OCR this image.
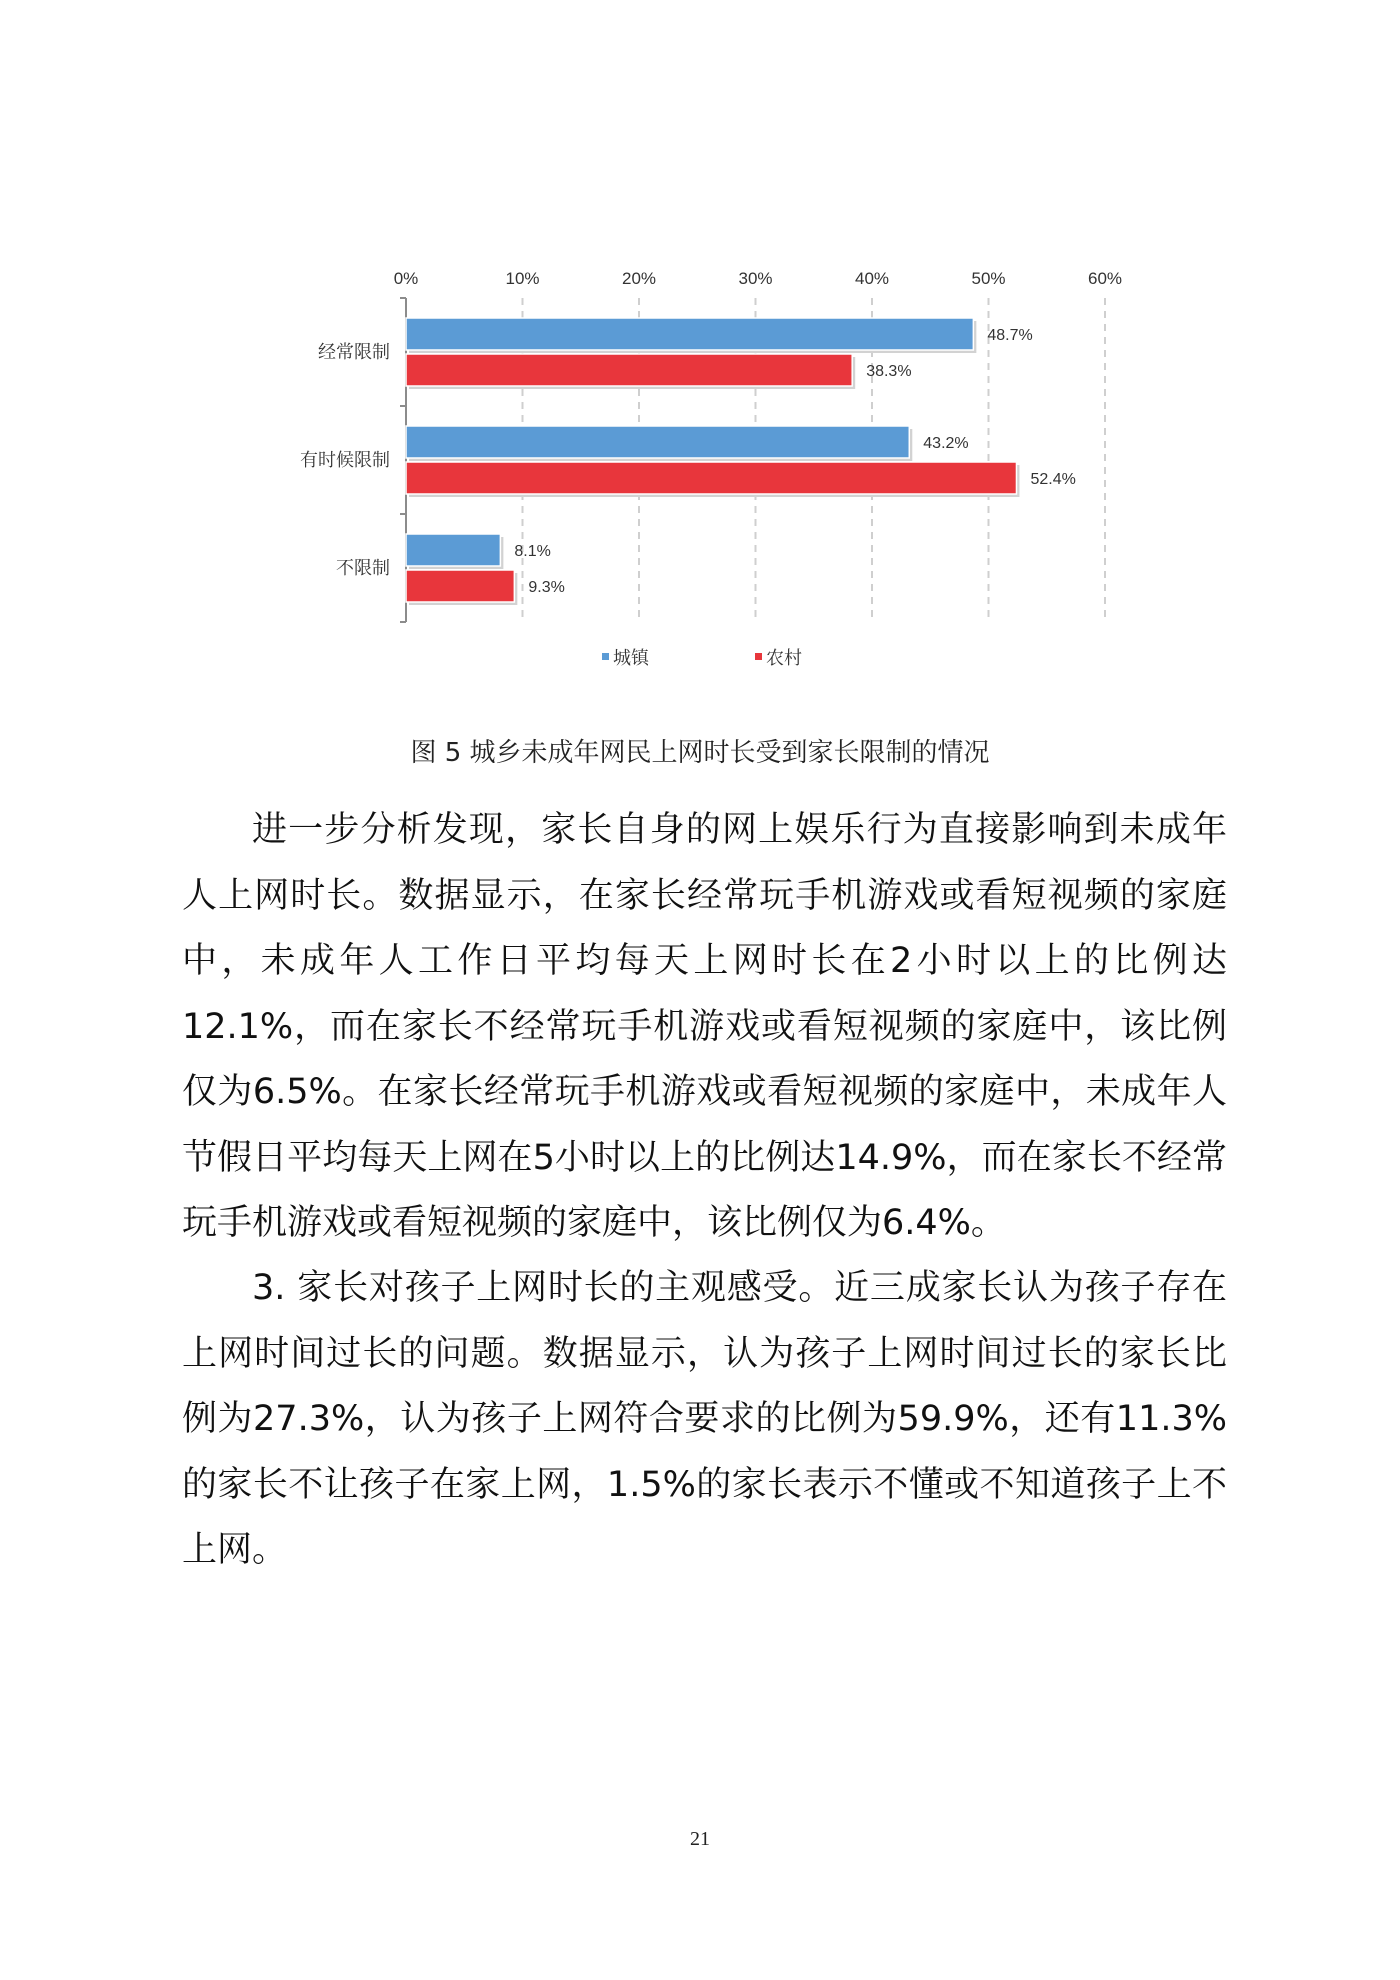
0%	10%	20%	30%	40%	50%	60%
经常限制
48.7%
38.3%
有时候限制
43.2%
52.4%
不限制
8.1%
9.3%
城镇	农村
图 5 城乡未成年网民上网时长受到家长限制的情况

进一步分析发现，家长自身的网上娱乐行为直接影响到未成年人上网时长。数据显示，在家长经常玩手机游戏或看短视频的家庭中，未成年人工作日平均每天上网时长在2小时以上的比例达12.1%，而在家长不经常玩手机游戏或看短视频的家庭中，该比例仅为6.5%。在家长经常玩手机游戏或看短视频的家庭中，未成年人节假日平均每天上网在5小时以上的比例达14.9%，而在家长不经常玩手机游戏或看短视频的家庭中，该比例仅为6.4%。

3. 家长对孩子上网时长的主观感受。近三成家长认为孩子存在上网时间过长的问题。数据显示，认为孩子上网时间过长的家长比例为27.3%，认为孩子上网符合要求的比例为59.9%，还有11.3%的家长不让孩子在家上网，1.5%的家长表示不懂或不知道孩子上不上网。

21
